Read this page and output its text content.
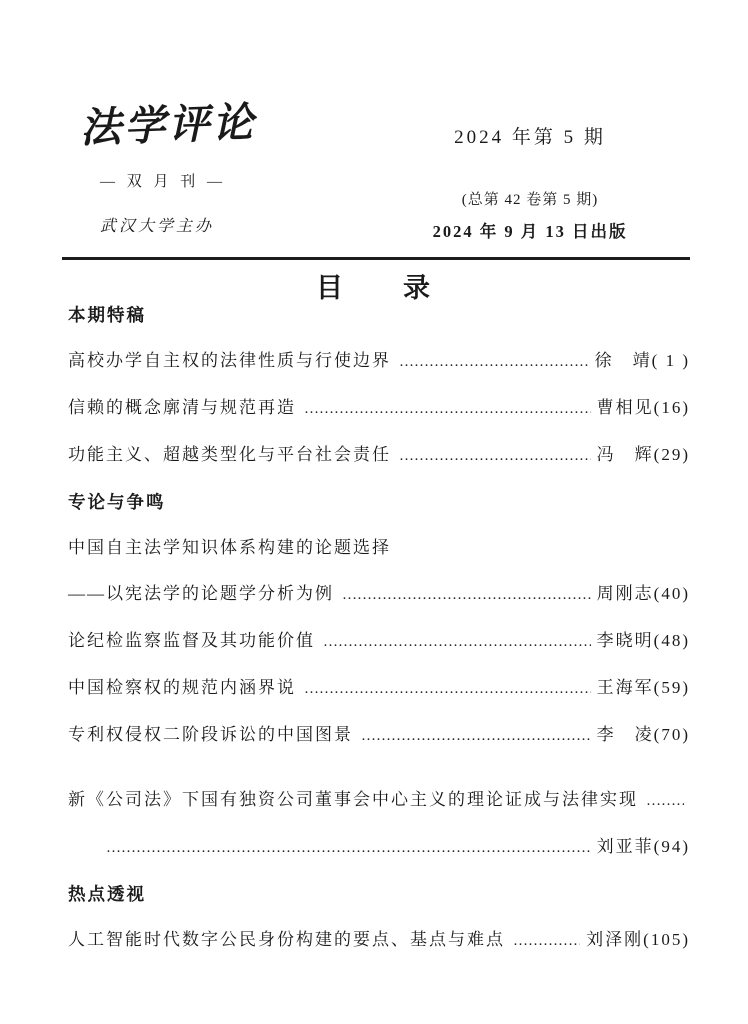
法学评论
— 双 月 刊 —
武汉大学主办
2024 年第 5 期
(总第 42 卷第 5 期)
2024 年 9 月 13 日出版
目　　录
本期特稿
高校办学自主权的法律性质与行使边界 ………………………………………………………………………………………………………………………………	徐　靖 ( 1 )
信赖的概念廓清与规范再造 ………………………………………………………………………………………………………………………………	曹相见 (16)
功能主义、超越类型化与平台社会责任 ………………………………………………………………………………………………………………………………	冯　辉 (29)
专论与争鸣
中国自主法学知识体系构建的论题选择
——以宪法学的论题学分析为例 ………………………………………………………………………………………………………………………………	周刚志 (40)
论纪检监察监督及其功能价值 ………………………………………………………………………………………………………………………………	李晓明 (48)
中国检察权的规范内涵界说 ………………………………………………………………………………………………………………………………	王海军 (59)
专利权侵权二阶段诉讼的中国图景 ………………………………………………………………………………………………………………………………	李　凌 (70)
新《公司法》下国有独资公司董事会中心主义的理论证成与法律实现
………………………………………………………………………………………………………………………………
………………………………………………………………………………………………………………………………
刘亚菲 (94)
热点透视
人工智能时代数字公民身份构建的要点、基点与难点 ………………………………………………………………………………………………………………………………	刘泽刚 (105)
